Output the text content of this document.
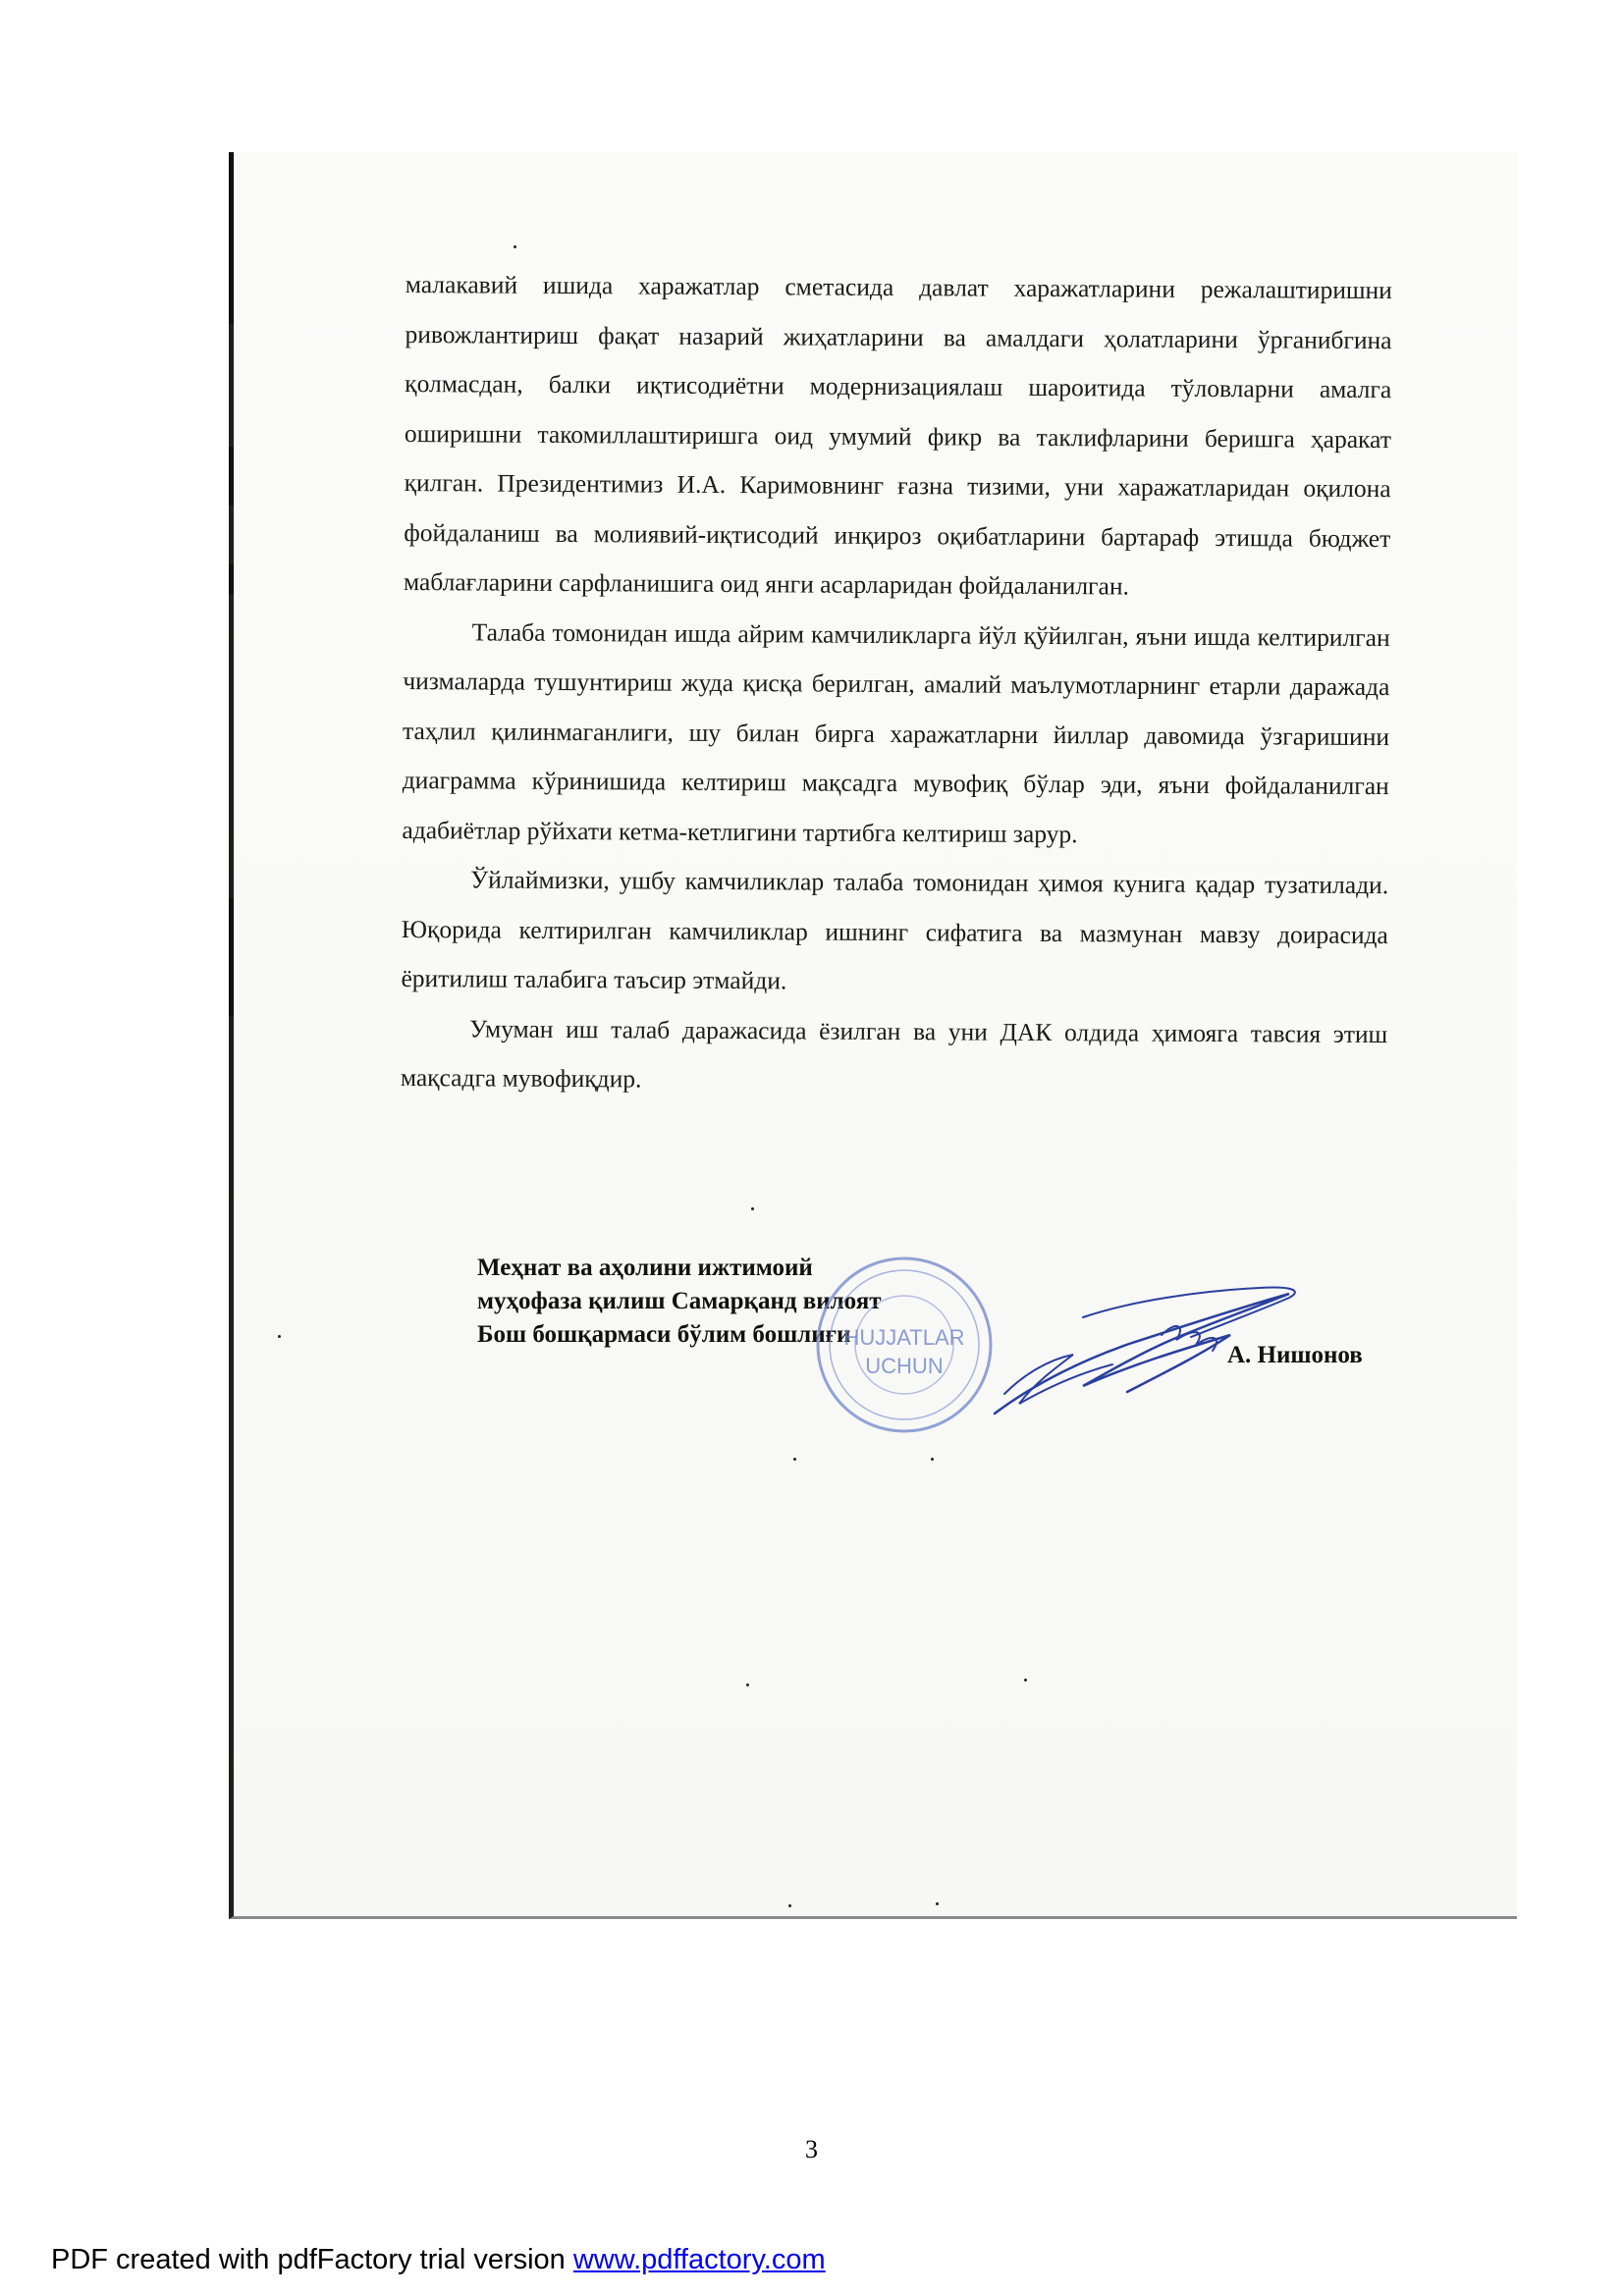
малакавий ишида харажатлар сметасида давлат харажатларини режалаштиришни ривожлантириш фақат назарий жиҳатларини ва амалдаги ҳолатларини ўрганибгина қолмасдан, балки иқтисодиётни модернизациялаш шароитида тўловларни амалга оширишни такомиллаштиришга оид умумий фикр ва таклифларини беришга ҳаракат қилган. Президентимиз И.А. Каримовнинг ғазна тизими, уни харажатларидан оқилона фойдаланиш ва молиявий-иқтисодий инқироз оқибатларини бартараф этишда бюджет маблағларини сарфланишига оид янги асарларидан фойдаланилган.

Талаба томонидан ишда айрим камчиликларга йўл қўйилган, яъни ишда келтирилган чизмаларда тушунтириш жуда қисқа берилган, амалий маълумотларнинг етарли даражада таҳлил қилинмаганлиги, шу билан бирга харажатларни йиллар давомида ўзгаришини диаграмма кўринишида келтириш мақсадга мувофиқ бўлар эди, яъни фойдаланилган адабиётлар рўйхати кетма-кетлигини тартибга келтириш зарур.

Ўйлаймизки, ушбу камчиликлар талаба томонидан ҳимоя кунига қадар тузатилади. Юқорида келтирилган камчиликлар ишнинг сифатига ва мазмунан мавзу доирасида ёритилиш талабига таъсир этмайди.

Умуман иш талаб даражасида ёзилган ва уни ДАК олдида ҳимояга тавсия этиш мақсадга мувофиқдир.

Меҳнат ва аҳолини ижтимоий
муҳофаза қилиш Самарқанд вилоят
Бош бошқармаси бўлим бошлиғи
HUJJATLAR
UCHUN	А. Нишонов
3
PDF created with pdfFactory trial version www.pdffactory.com
